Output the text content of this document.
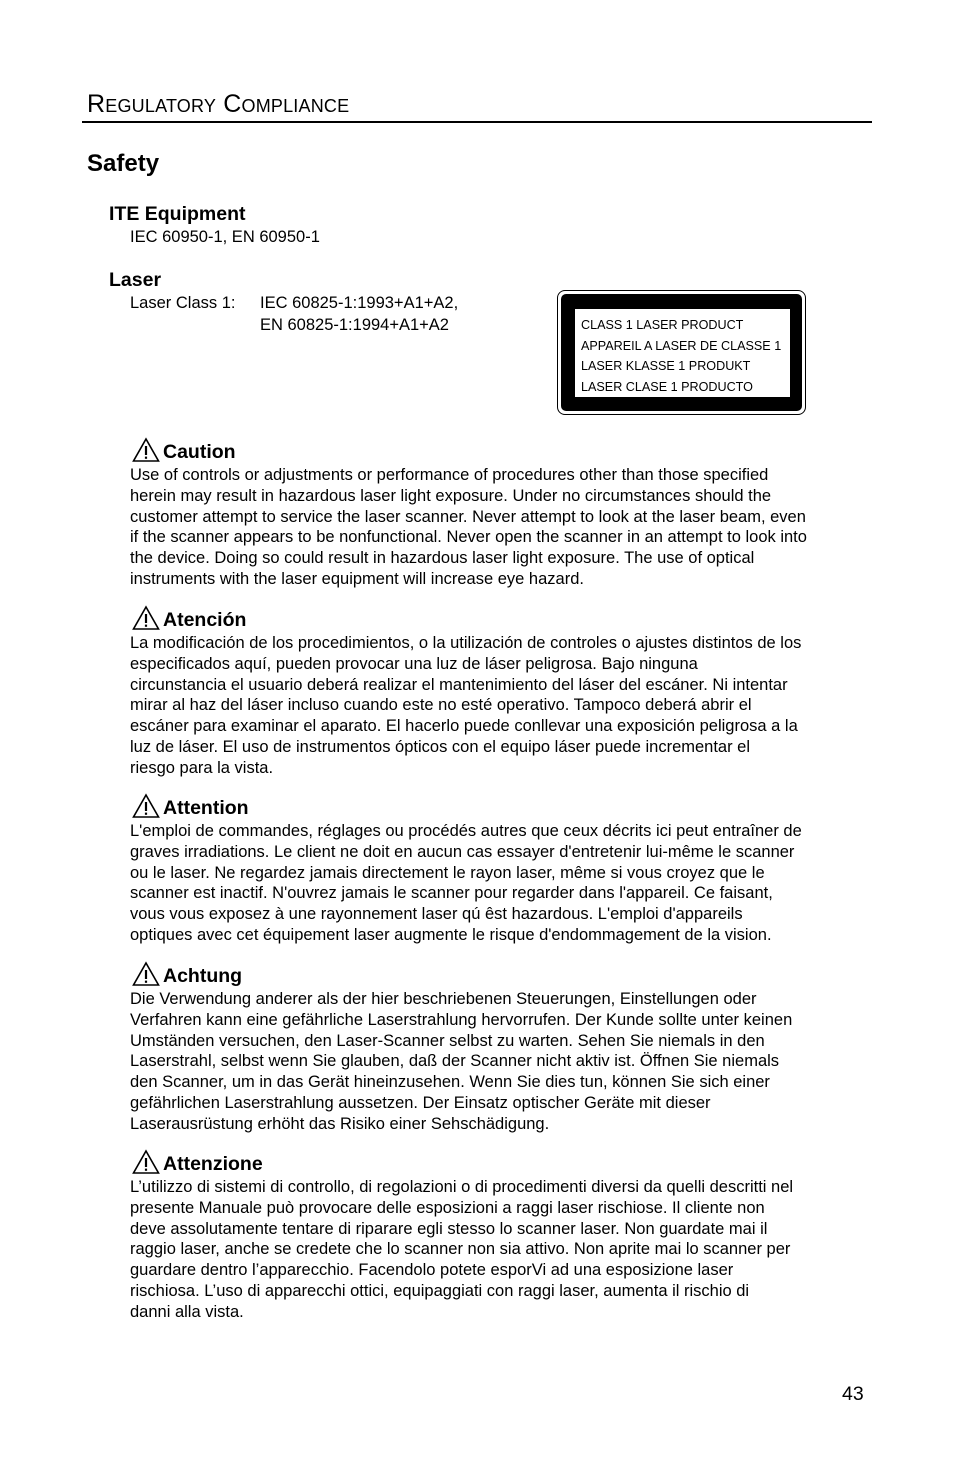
Regulatory Compliance
Safety
ITE Equipment
IEC 60950-1, EN 60950-1
Laser
Laser Class 1: IEC 60825-1:1993+A1+A2,
EN 60825-1:1994+A1+A2	CLASS 1 LASER PRODUCT
APPAREIL A LASER DE CLASSE 1
LASER KLASSE 1 PRODUKT
LASER CLASE 1 PRODUCTO
Caution
Use of controls or adjustments or performance of procedures other than those specified
herein may result in hazardous laser light exposure. Under no circumstances should the
customer attempt to service the laser scanner. Never attempt to look at the laser beam, even
if the scanner appears to be nonfunctional. Never open the scanner in an attempt to look into
the device. Doing so could result in hazardous laser light exposure. The use of optical
instruments with the laser equipment will increase eye hazard.
Atención
La modificación de los procedimientos, o la utilización de controles o ajustes distintos de los
especificados aquí, pueden provocar una luz de láser peligrosa. Bajo ninguna
circunstancia el usuario deberá realizar el mantenimiento del láser del escáner. Ni intentar
mirar al haz del láser incluso cuando este no esté operativo. Tampoco deberá abrir el
escáner para examinar el aparato. El hacerlo puede conllevar una exposición peligrosa a la
luz de láser. El uso de instrumentos ópticos con el equipo láser puede incrementar el
riesgo para la vista.
Attention
L'emploi de commandes, réglages ou procédés autres que ceux décrits ici peut entraîner de
graves irradiations. Le client ne doit en aucun cas essayer d'entretenir lui-même le scanner
ou le laser. Ne regardez jamais directement le rayon laser, même si vous croyez que le
scanner est inactif. N'ouvrez jamais le scanner pour regarder dans l'appareil. Ce faisant,
vous vous exposez à une rayonnement laser qú êst hazardous. L'emploi d'appareils
optiques avec cet équipement laser augmente le risque d'endommagement de la vision.
Achtung
Die Verwendung anderer als der hier beschriebenen Steuerungen, Einstellungen oder
Verfahren kann eine gefährliche Laserstrahlung hervorrufen. Der Kunde sollte unter keinen
Umständen versuchen, den Laser-Scanner selbst zu warten. Sehen Sie niemals in den
Laserstrahl, selbst wenn Sie glauben, daß der Scanner nicht aktiv ist. Öffnen Sie niemals
den Scanner, um in das Gerät hineinzusehen. Wenn Sie dies tun, können Sie sich einer
gefährlichen Laserstrahlung aussetzen. Der Einsatz optischer Geräte mit dieser
Laserausrüstung erhöht das Risiko einer Sehschädigung.
Attenzione
L’utilizzo di sistemi di controllo, di regolazioni o di procedimenti diversi da quelli descritti nel
presente Manuale può provocare delle esposizioni a raggi laser rischiose. Il cliente non
deve assolutamente tentare di riparare egli stesso lo scanner laser. Non guardate mai il
raggio laser, anche se credete che lo scanner non sia attivo. Non aprite mai lo scanner per
guardare dentro l’apparecchio. Facendolo potete esporVi ad una esposizione laser
rischiosa. L’uso di apparecchi ottici, equipaggiati con raggi laser, aumenta il rischio di
danni alla vista.
43
